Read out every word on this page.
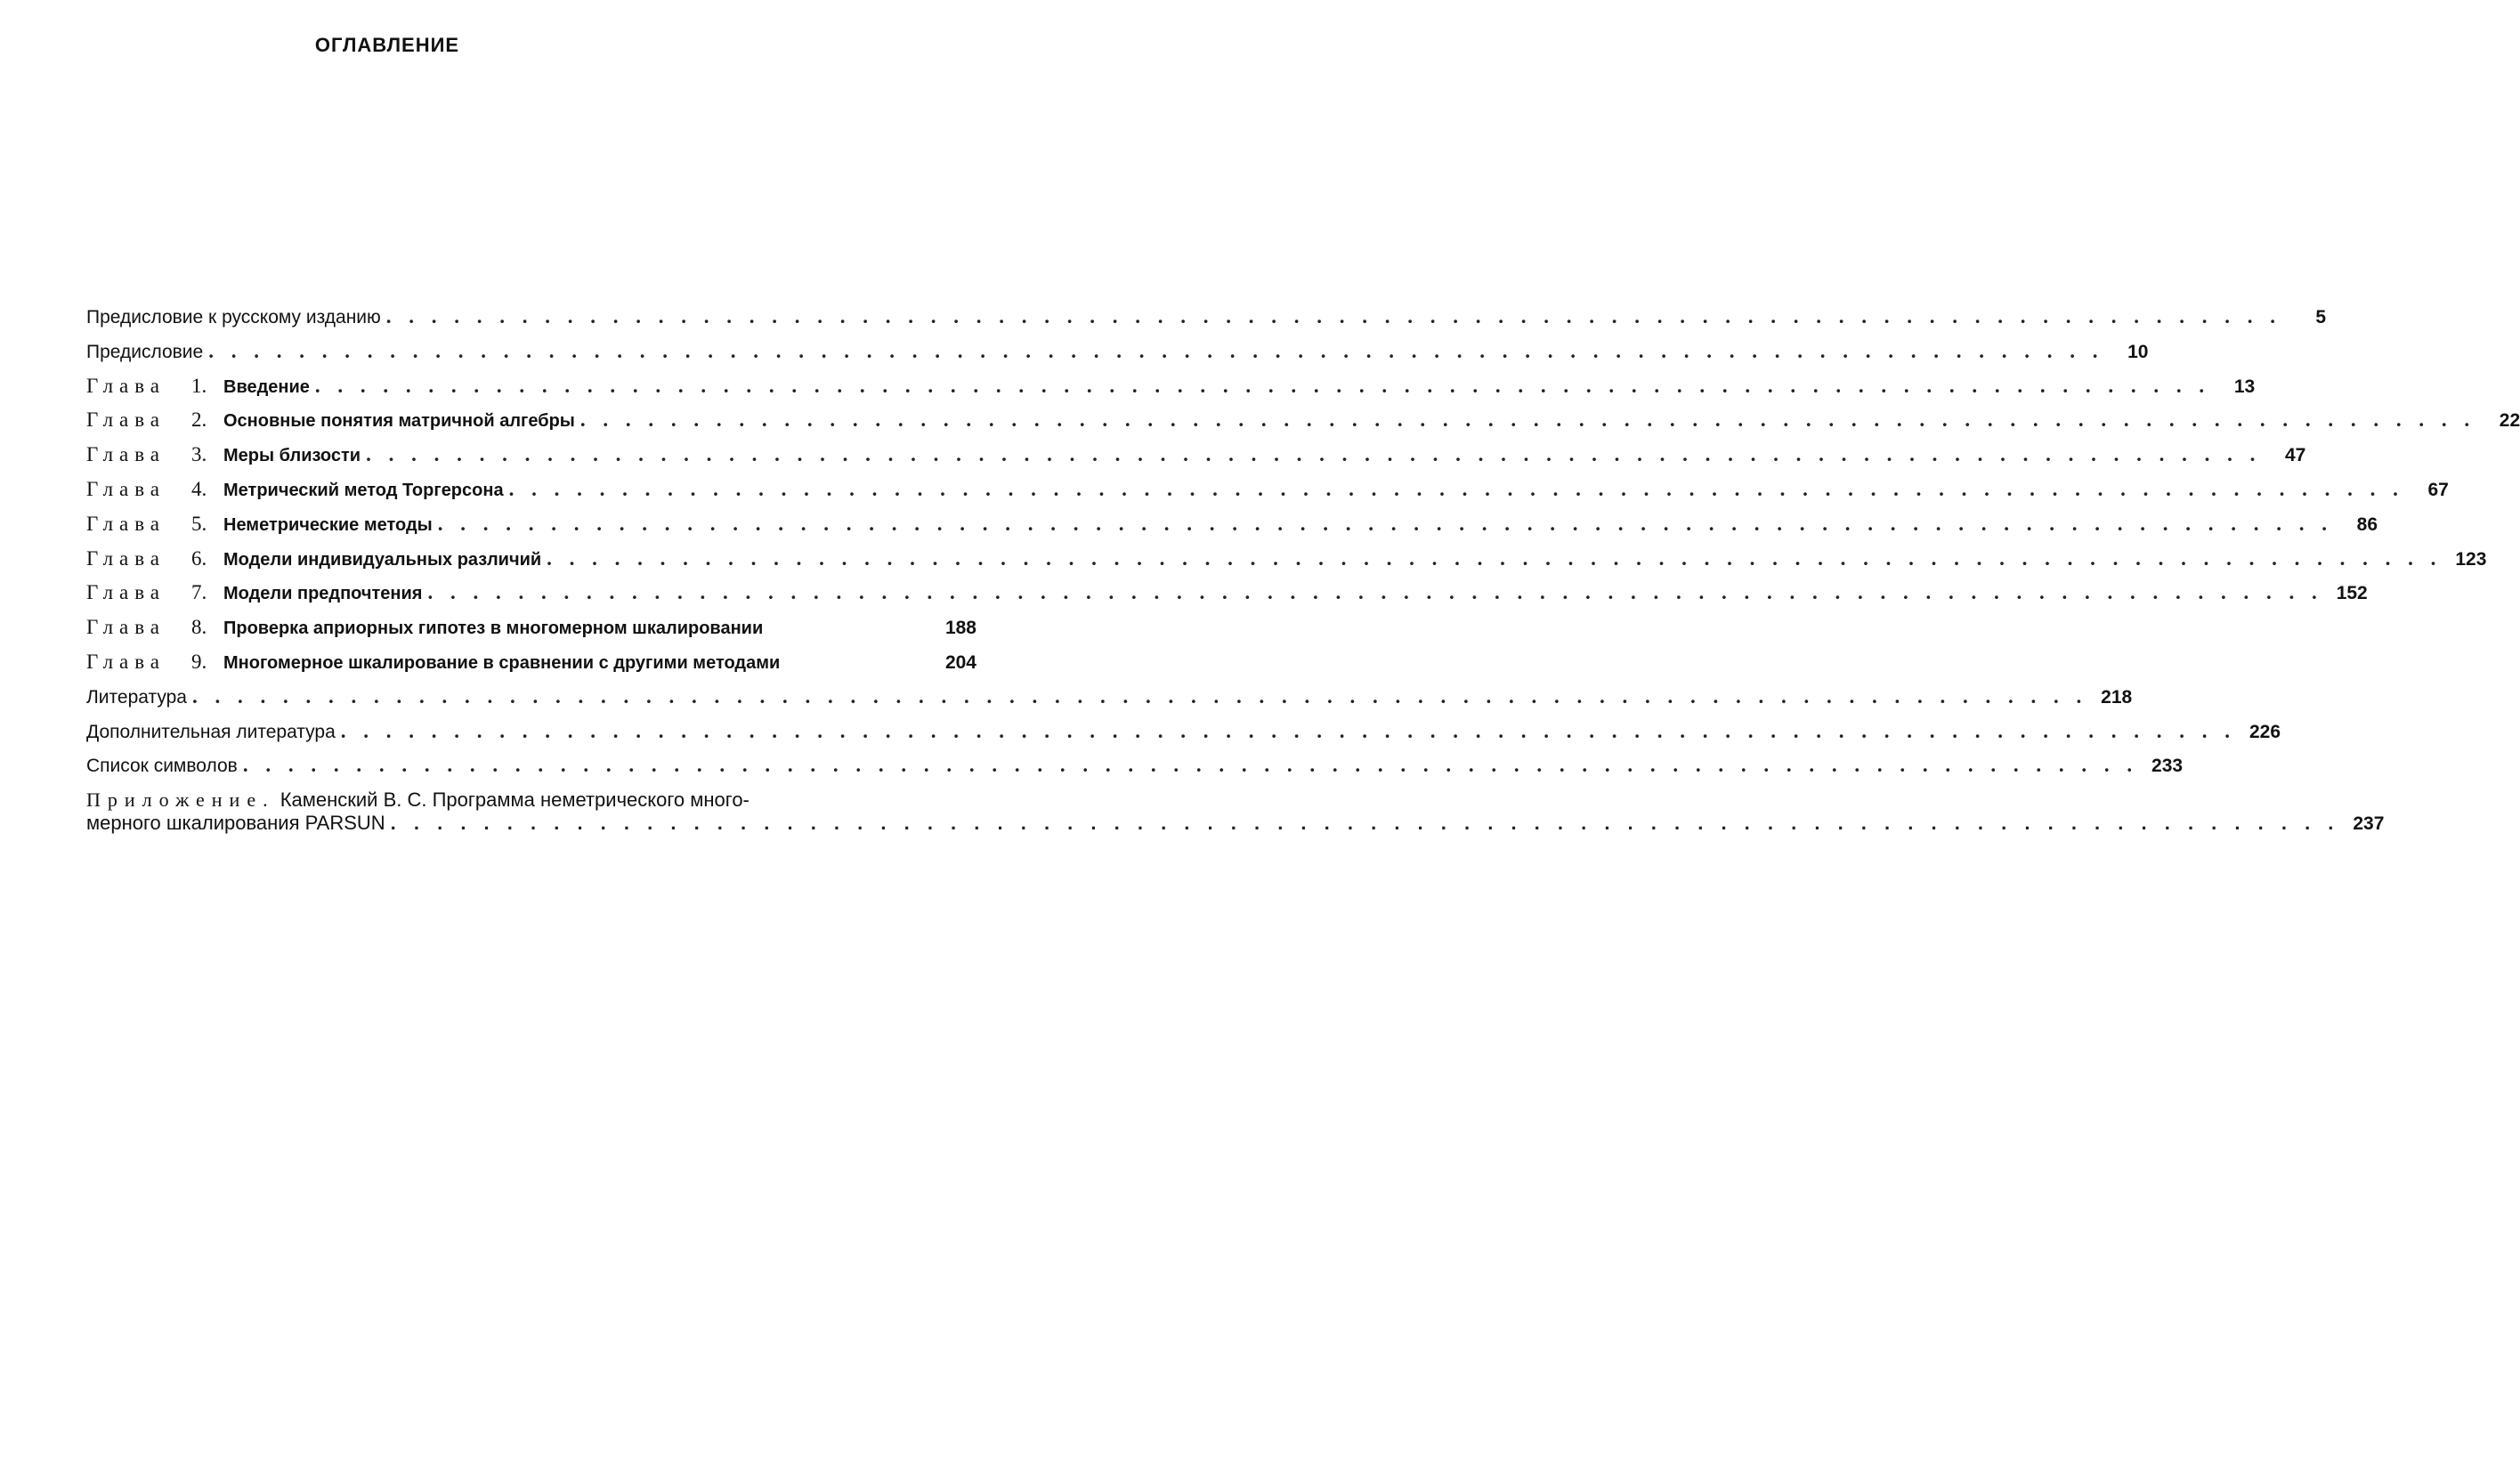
ОГЛАВЛЕНИЕ
Предисловие к русскому изданию . . . . . . . . . . . . . . . . . . . . . . . . . . . . . . . . . . . . . . . . . . . . . . . . . . . . . . . . . . . . . . . . . . . . . . . . . . . . . . . . . . . .	5
Предисловие . . . . . . . . . . . . . . . . . . . . . . . . . . . . . . . . . . . . . . . . . . . . . . . . . . . . . . . . . . . . . . . . . . . . . . . . . . . . . . . . . . . .	10
Глава 1. Введение . . . . . . . . . . . . . . . . . . . . . . . . . . . . . . . . . . . . . . . . . . . . . . . . . . . . . . . . . . . . . . . . . . . . . . . . . . . . . . . . . . . .	13
Глава 2. Основные понятия матричной алгебры . . . . . . . . . . . . . . . . . . . . . . . . . . . . . . . . . . . . . . . . . . . . . . . . . . . . . . . . . . . . . . . . . . . . . . . . . . . . . . . . . . . .	22
Глава 3. Меры близости . . . . . . . . . . . . . . . . . . . . . . . . . . . . . . . . . . . . . . . . . . . . . . . . . . . . . . . . . . . . . . . . . . . . . . . . . . . . . . . . . . . .	47
Глава 4. Метрический метод Торгерсона . . . . . . . . . . . . . . . . . . . . . . . . . . . . . . . . . . . . . . . . . . . . . . . . . . . . . . . . . . . . . . . . . . . . . . . . . . . . . . . . . . . .	67
Глава 5. Неметрические методы . . . . . . . . . . . . . . . . . . . . . . . . . . . . . . . . . . . . . . . . . . . . . . . . . . . . . . . . . . . . . . . . . . . . . . . . . . . . . . . . . . . .	86
Глава 6. Модели индивидуальных различий . . . . . . . . . . . . . . . . . . . . . . . . . . . . . . . . . . . . . . . . . . . . . . . . . . . . . . . . . . . . . . . . . . . . . . . . . . . . . . . . . . . . 123
Глава 7. Модели предпочтения . . . . . . . . . . . . . . . . . . . . . . . . . . . . . . . . . . . . . . . . . . . . . . . . . . . . . . . . . . . . . . . . . . . . . . . . . . . . . . . . . . . . 152
Глава 8. Проверка априорных гипотез в многомерном шкалировании	188
Глава 9. Многомерное шкалирование в сравнении с другими методами	204
Литература . . . . . . . . . . . . . . . . . . . . . . . . . . . . . . . . . . . . . . . . . . . . . . . . . . . . . . . . . . . . . . . . . . . . . . . . . . . . . . . . . . . . 218
Дополнительная литература . . . . . . . . . . . . . . . . . . . . . . . . . . . . . . . . . . . . . . . . . . . . . . . . . . . . . . . . . . . . . . . . . . . . . . . . . . . . . . . . . . . . 226
Список символов . . . . . . . . . . . . . . . . . . . . . . . . . . . . . . . . . . . . . . . . . . . . . . . . . . . . . . . . . . . . . . . . . . . . . . . . . . . . . . . . . . . . 233
Приложение. Каменский В. С. Программа неметрического много-
мерного шкалирования PARSUN . . . . . . . . . . . . . . . . . . . . . . . . . . . . . . . . . . . . . . . . . . . . . . . . . . . . . . . . . . . . . . . . . . . . . . . . . . . . . . . . . . . . 237
